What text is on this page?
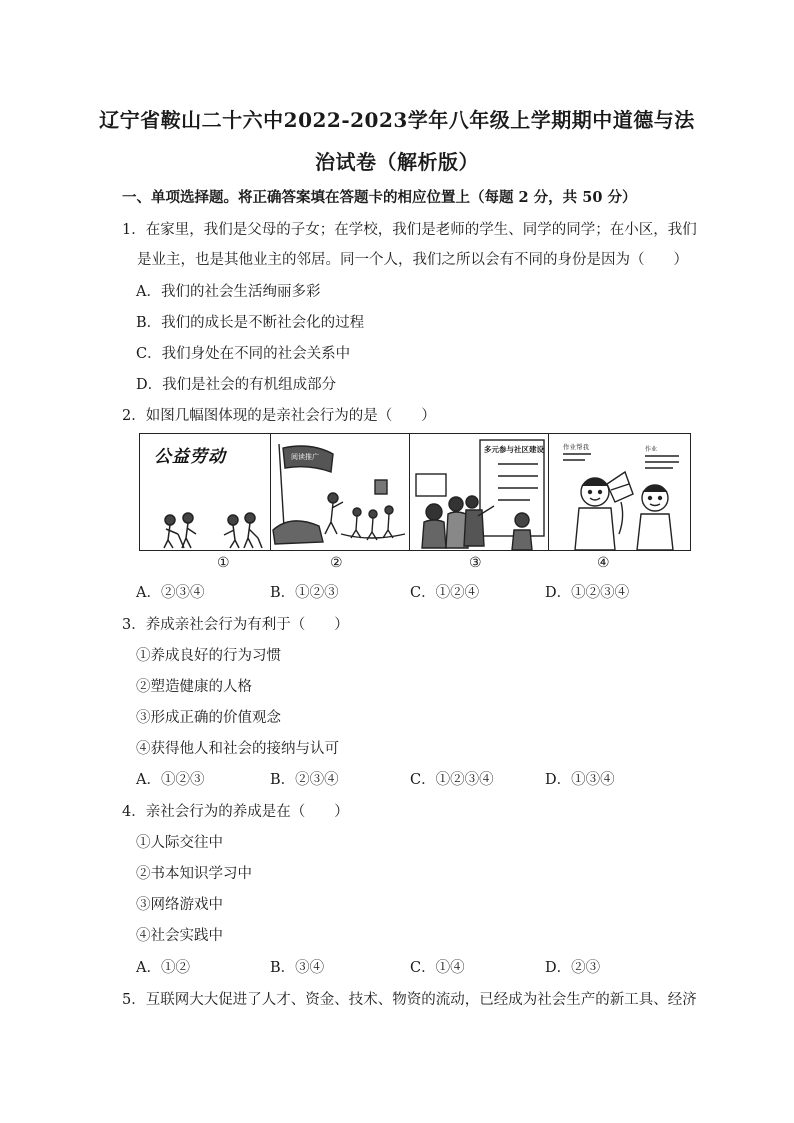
辽宁省鞍山二十六中2022-2023学年八年级上学期期中道德与法
治试卷（解析版）
一、单项选择题。将正确答案填在答题卡的相应位置上（每题 2 分，共 50 分）
1．在家里，我们是父母的子女；在学校，我们是老师的学生、同学的同学；在小区，我们
是业主，也是其他业主的邻居。同一个人，我们之所以会有不同的身份是因为（　　）
A．我们的社会生活绚丽多彩
B．我们的成长是不断社会化的过程
C．我们身处在不同的社会关系中
D．我们是社会的有机组成部分
2．如图几幅图体现的是亲社会行为的是（　　）
公益劳动	阅读推广
多元参与社区建设	作业帮我	作业
①	②	③	④
A．②③④	B．①②③	C．①②④	D．①②③④
3．养成亲社会行为有利于（　　）
①养成良好的行为习惯
②塑造健康的人格
③形成正确的价值观念
④获得他人和社会的接纳与认可
A．①②③	B．②③④	C．①②③④	D．①③④
4．亲社会行为的养成是在（　　）
①人际交往中
②书本知识学习中
③网络游戏中
④社会实践中
A．①②	B．③④	C．①④	D．②③
5．互联网大大促进了人才、资金、技术、物资的流动，已经成为社会生产的新工具、经济
